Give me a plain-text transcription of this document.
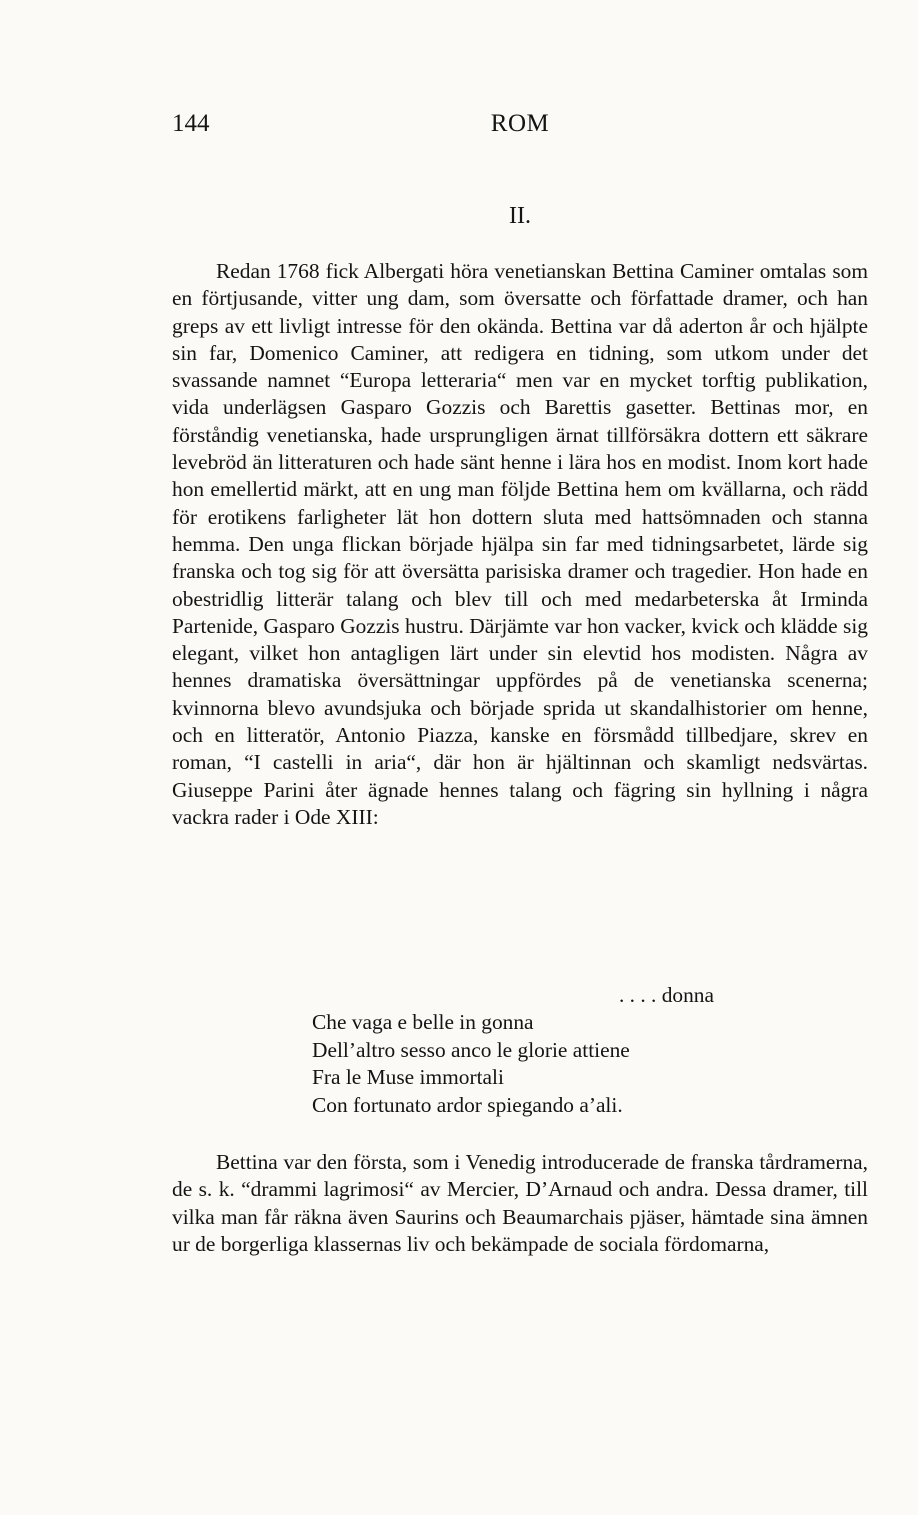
144	ROM
II.

Redan 1768 fick Albergati höra venetianskan Bettina Caminer omtalas som en förtjusande, vitter ung dam, som översatte och författade dramer, och han greps av ett livligt intresse för den okända. Bettina var då aderton år och hjälpte sin far, Domenico Caminer, att redigera en tidning, som utkom under det svassande namnet “Europa letteraria“ men var en mycket torftig publikation, vida underlägsen Gasparo Gozzis och Barettis gasetter. Bettinas mor, en förståndig venetianska, hade ursprungligen ärnat tillförsäkra dottern ett säkrare levebröd än litteraturen och hade sänt henne i lära hos en modist. Inom kort hade hon emellertid märkt, att en ung man följde Bettina hem om kvällarna, och rädd för erotikens farligheter lät hon dottern sluta med hattsömnaden och stanna hemma. Den unga flickan började hjälpa sin far med tidningsarbetet, lärde sig franska och tog sig för att översätta parisiska dramer och tragedier. Hon hade en obestridlig litterär talang och blev till och med medarbeterska åt Irminda Partenide, Gasparo Gozzis hustru. Därjämte var hon vacker, kvick och klädde sig elegant, vilket hon antagligen lärt under sin elevtid hos modisten. Några av hennes dramatiska översättningar uppfördes på de venetianska scenerna; kvinnorna blevo avundsjuka och började sprida ut skandalhistorier om henne, och en litteratör, Antonio Piazza, kanske en försmådd tillbedjare, skrev en roman, “I castelli in aria“, där hon är hjältinnan och skamligt nedsvärtas. Giuseppe Parini åter ägnade hennes talang och fägring sin hyllning i några vackra rader i Ode XIII:

. . . . donna
Che vaga e belle in gonna
Dell’altro sesso anco le glorie attiene
Fra le Muse immortali
Con fortunato ardor spiegando a’ali.

Bettina var den första, som i Venedig introducerade de franska tårdramerna, de s. k. “drammi lagrimosi“ av Mercier, D’Arnaud och andra. Dessa dramer, till vilka man får räkna även Saurins och Beaumarchais pjäser, hämtade sina ämnen ur de borgerliga klassernas liv och bekämpade de sociala fördomarna,
